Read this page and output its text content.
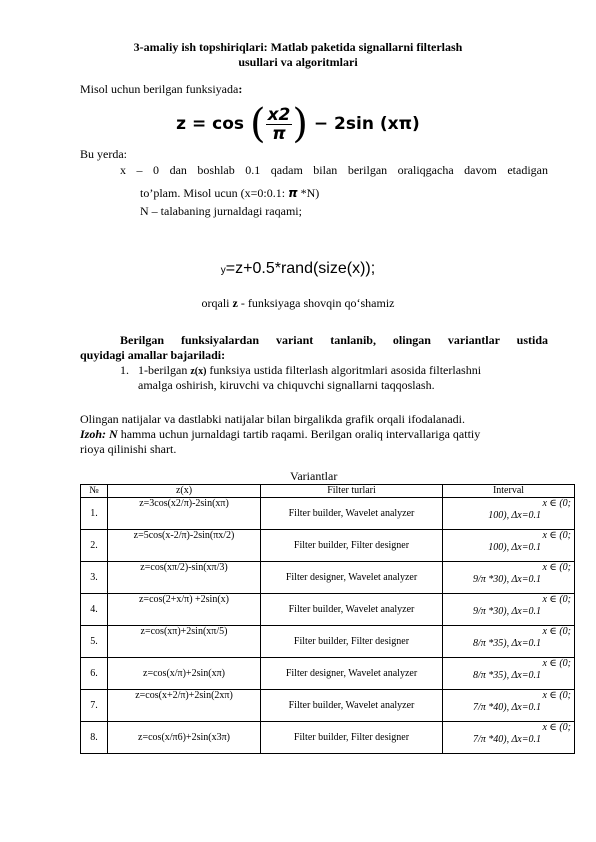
3-amaliy ish topshiriqlari: Matlab paketida signallarni filterlash
usullari va algoritmlari
Misol uchun berilgan funksiyada:
z = cos ( $\frac{x2}{\pi}$ ) − 2sin (xπ)
Bu yerda:
x – 0 dan boshlab 0.1 qadam bilan berilgan oraliqgacha davom etadigan
to’plam. Misol ucun (x=0:0.1: π *N)
N – talabaning jurnaldagi raqami;
y=z+0.5*rand(size(x));
orqali z - funksiyaga shovqin qo‘shamiz
Berilgan funksiyalardan variant tanlanib, olingan variantlar ustida
quyidagi amallar bajariladi:
1. 1-berilgan z(x) funksiya ustida filterlash algoritmlari asosida filterlashni
amalga oshirish, kiruvchi va chiquvchi signallarni taqqoslash.
Olingan natijalar va dastlabki natijalar bilan birgalikda grafik orqali ifodalanadi.
Izoh: N hamma uchun jurnaldagi tartib raqami. Berilgan oraliq intervallariga qattiy
rioya qilinishi shart.
Variantlar
№	z(x)	Filter turlari	Interval
1.	z=3cos(x2/π)-2sin(xπ)	Filter builder, Wavelet analyzer	x ∈ (0;
100), Δx=0.1

2.	z=5cos(x-2/π)-2sin(πx/2)	Filter builder, Filter designer	x ∈ (0;
100), Δx=0.1

3.	z=cos(xπ/2)-sin(xπ/3)	Filter designer, Wavelet analyzer	x ∈ (0;
9/π *30), Δx=0.1

4.	z=cos(2+x/π) +2sin(x)	Filter builder, Wavelet analyzer	x ∈ (0;
9/π *30), Δx=0.1

5.	z=cos(xπ)+2sin(xπ/5)	Filter builder, Filter designer	x ∈ (0;
8/π *35), Δx=0.1

6.	z=cos(x/π)+2sin(xπ)	Filter designer, Wavelet analyzer	x ∈ (0;
8/π *35), Δx=0.1

7.	z=cos(x+2/π)+2sin(2xπ)	Filter builder, Wavelet analyzer	x ∈ (0;
7/π *40), Δx=0.1

8.	z=cos(x/π6)+2sin(x3π)	Filter builder, Filter designer	x ∈ (0;
7/π *40), Δx=0.1
